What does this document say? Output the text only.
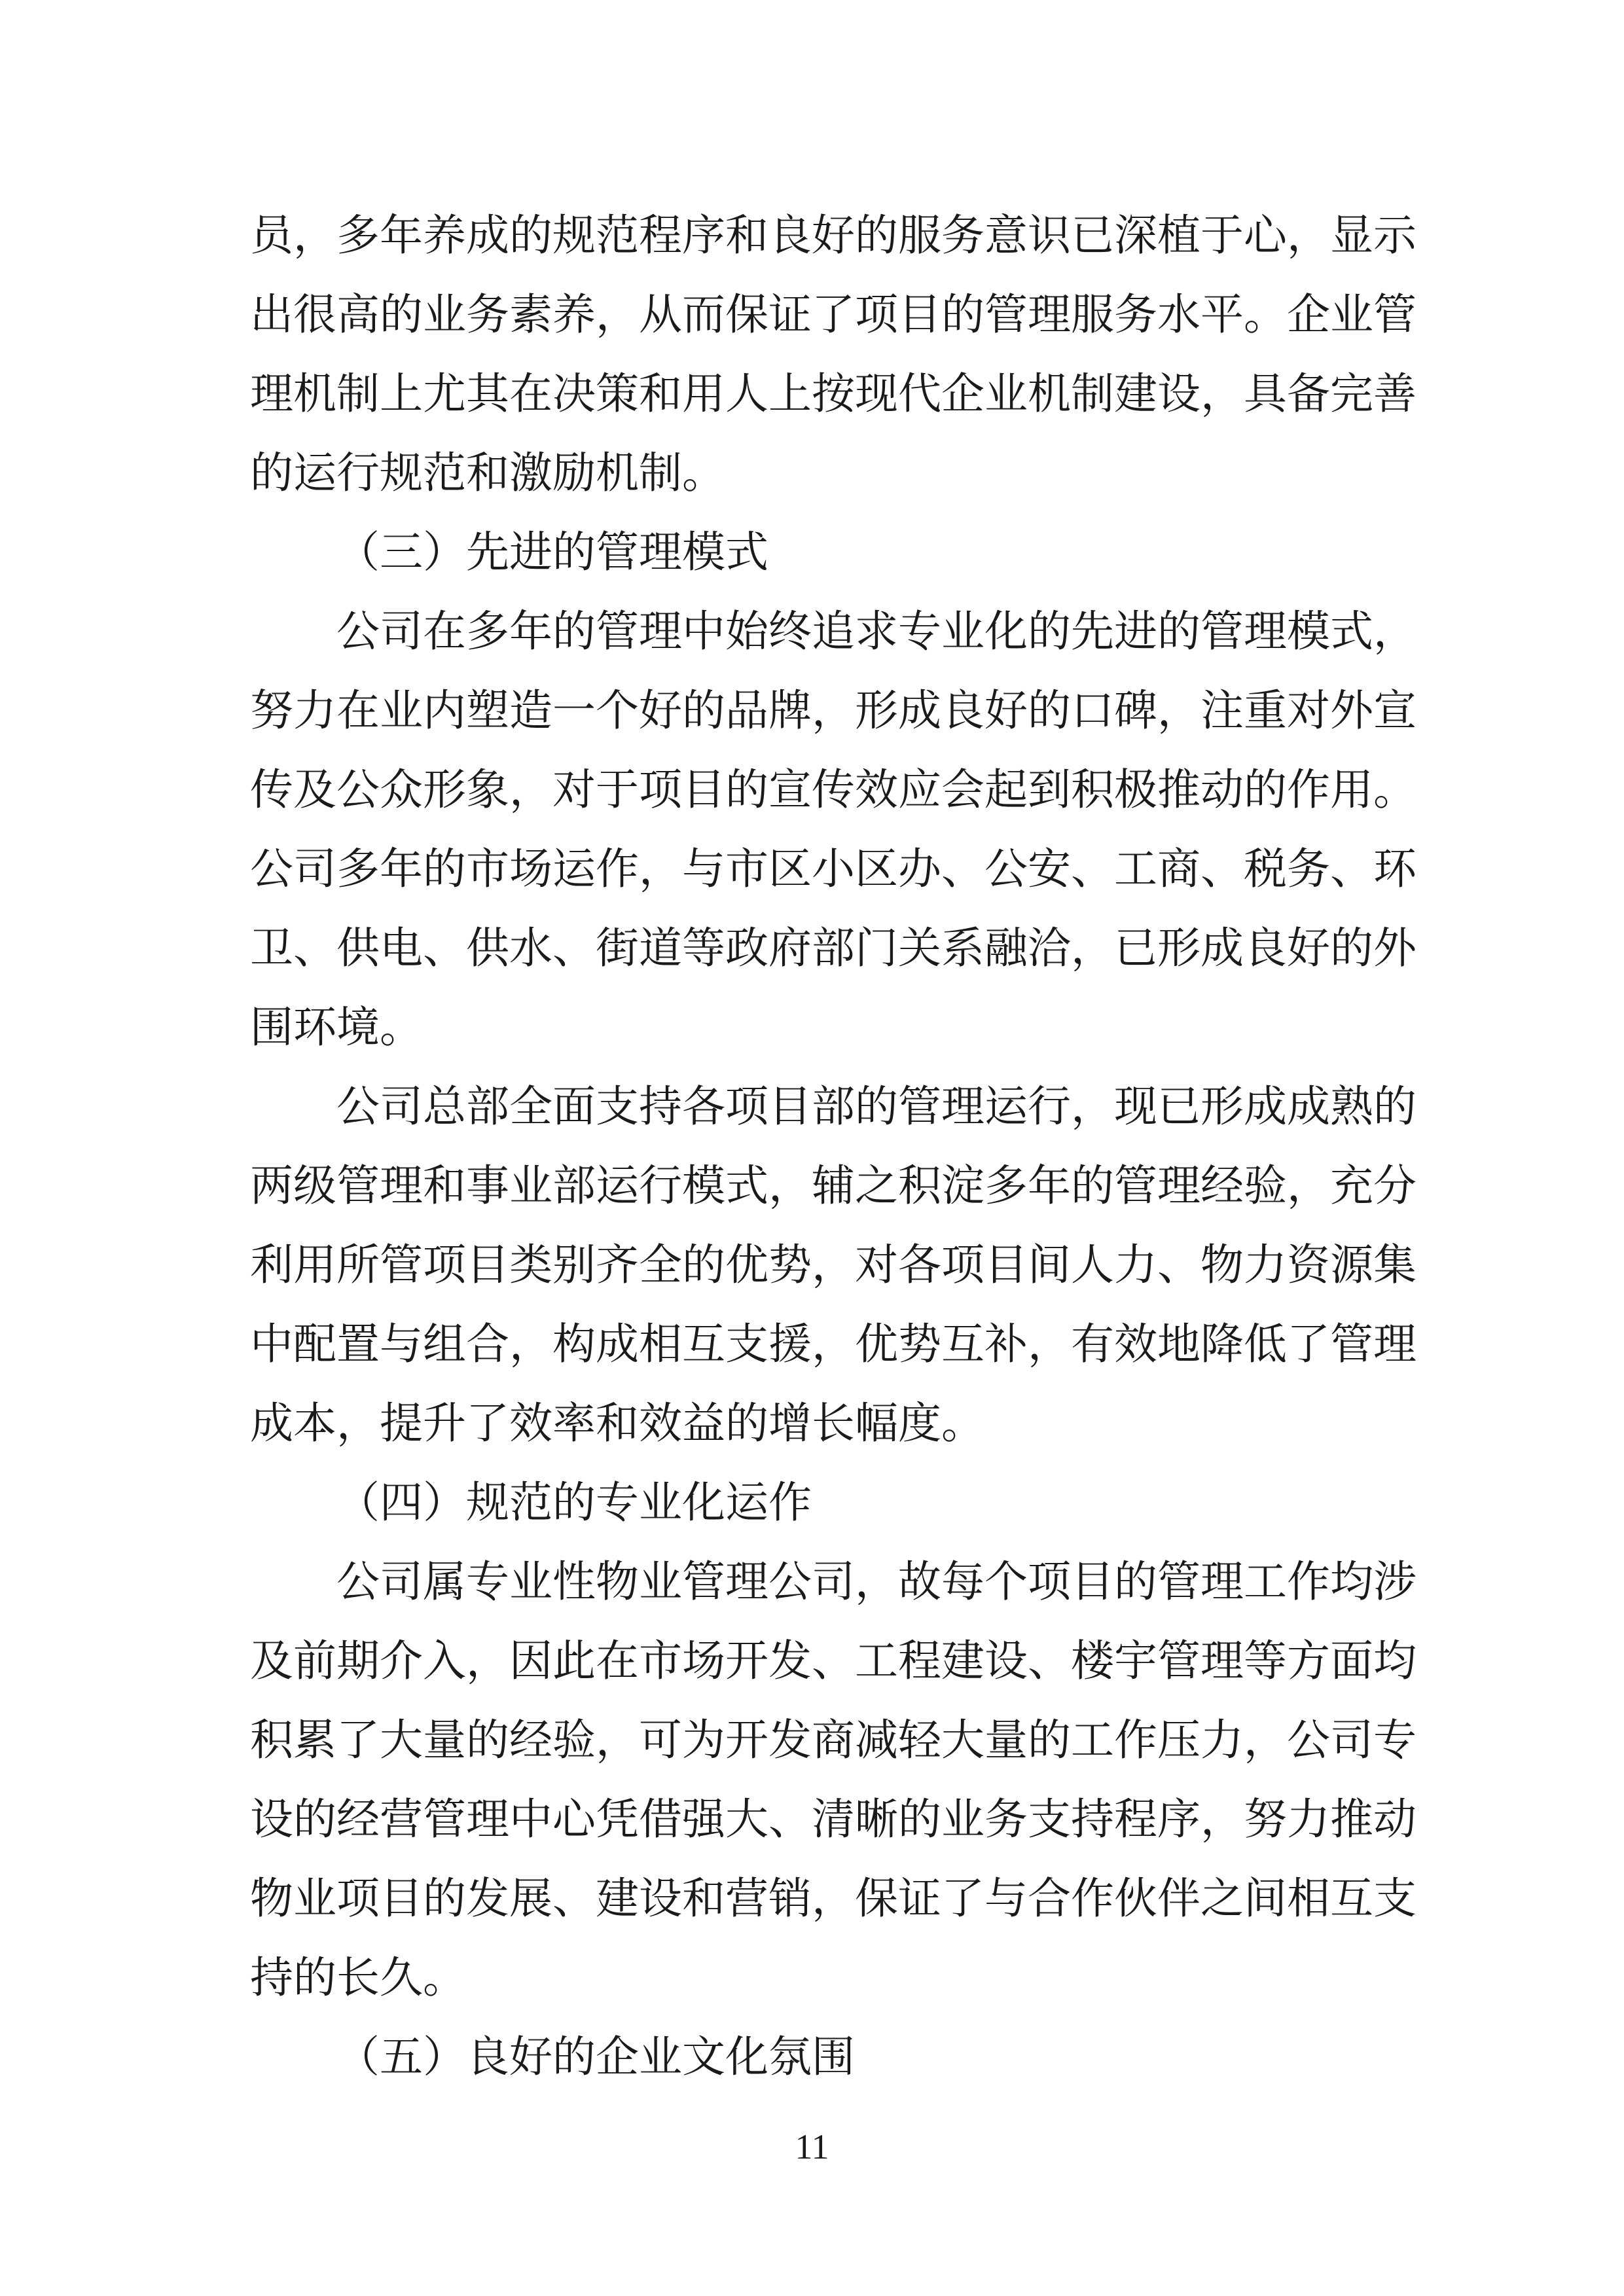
员，多年养成的规范程序和良好的服务意识已深植于心，显示
出很高的业务素养，从而保证了项目的管理服务水平。企业管
理机制上尤其在决策和用人上按现代企业机制建设，具备完善
的运行规范和激励机制。
（三）先进的管理模式
公司在多年的管理中始终追求专业化的先进的管理模式，
努力在业内塑造一个好的品牌，形成良好的口碑，注重对外宣
传及公众形象，对于项目的宣传效应会起到积极推动的作用。
公司多年的市场运作，与市区小区办、公安、工商、税务、环
卫、供电、供水、街道等政府部门关系融洽，已形成良好的外
围环境。
公司总部全面支持各项目部的管理运行，现已形成成熟的
两级管理和事业部运行模式，辅之积淀多年的管理经验，充分
利用所管项目类别齐全的优势，对各项目间人力、物力资源集
中配置与组合，构成相互支援，优势互补，有效地降低了管理
成本，提升了效率和效益的增长幅度。
（四）规范的专业化运作
公司属专业性物业管理公司，故每个项目的管理工作均涉
及前期介入，因此在市场开发、工程建设、楼宇管理等方面均
积累了大量的经验，可为开发商减轻大量的工作压力，公司专
设的经营管理中心凭借强大、清晰的业务支持程序，努力推动
物业项目的发展、建设和营销，保证了与合作伙伴之间相互支
持的长久。
（五）良好的企业文化氛围
11
